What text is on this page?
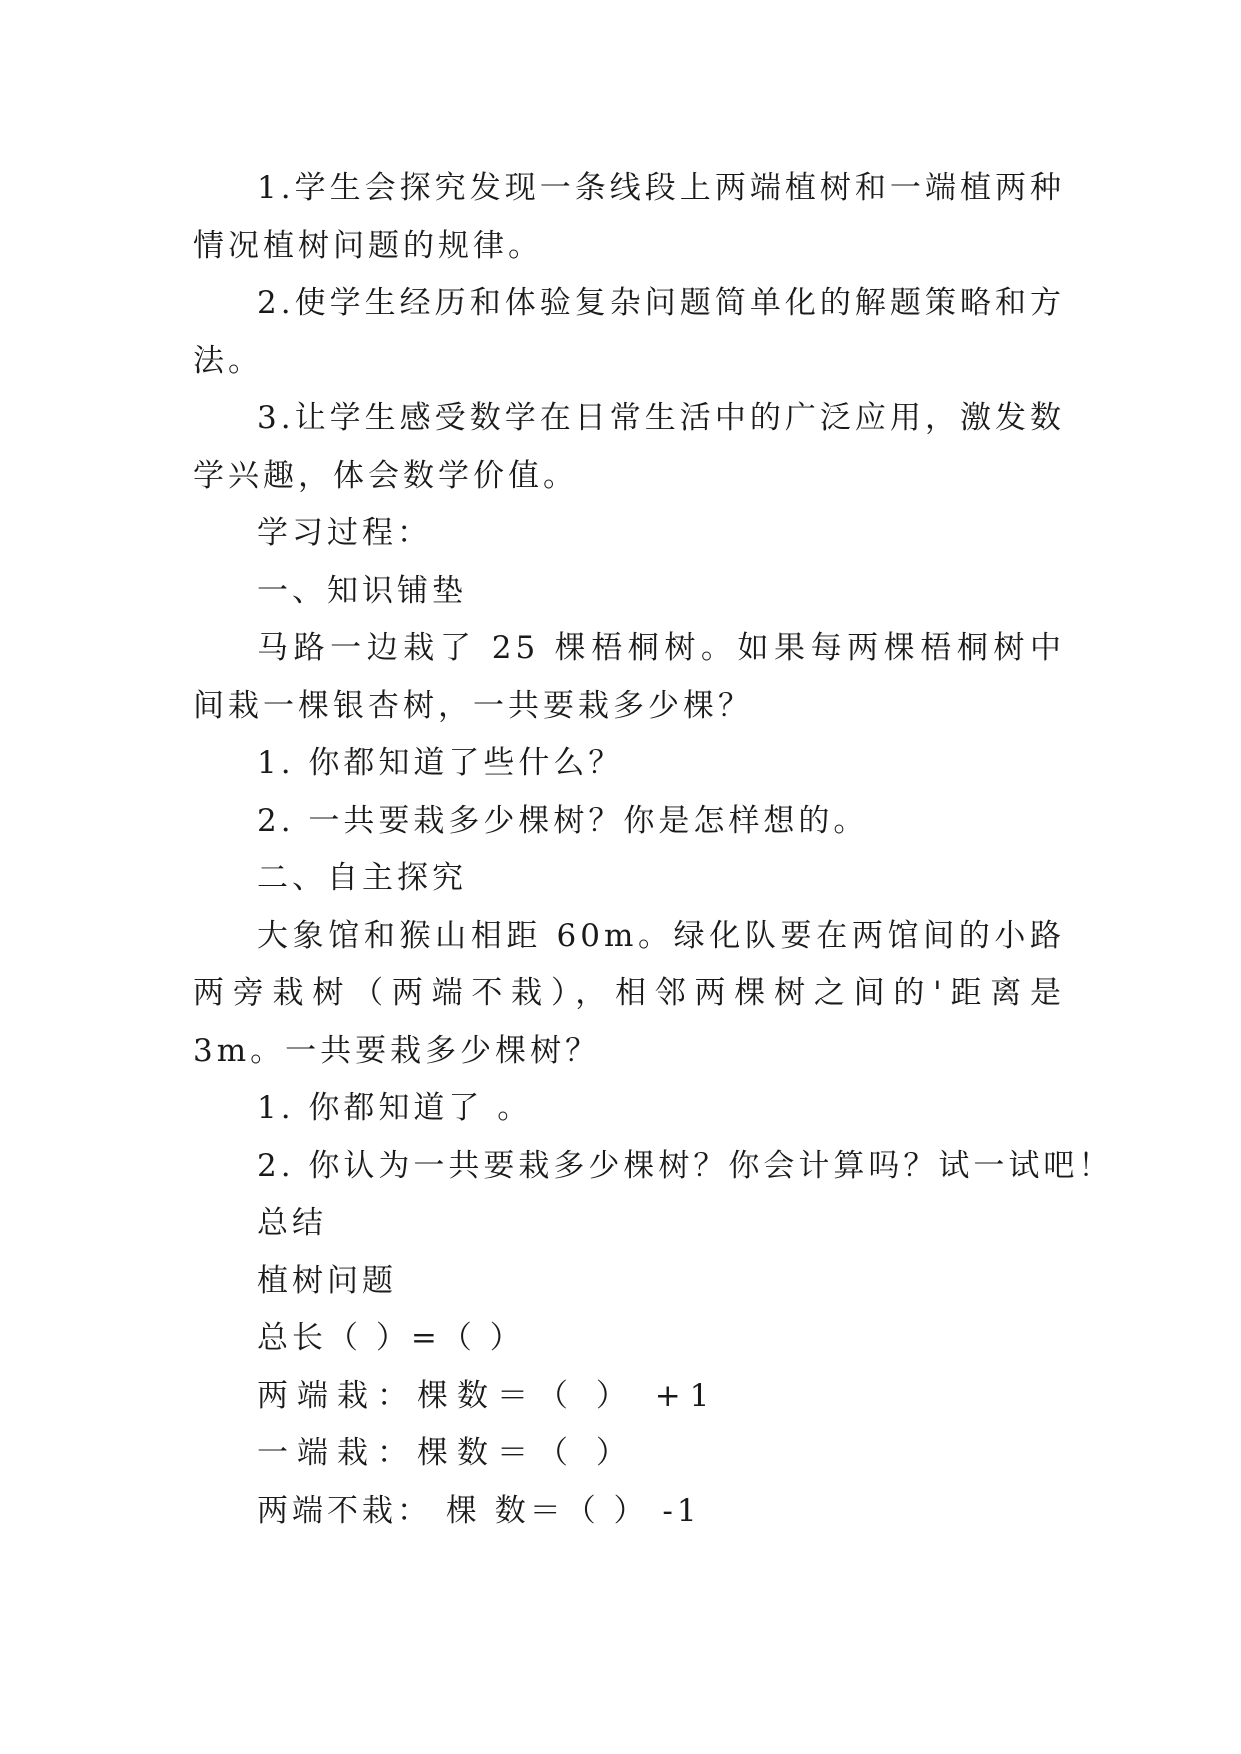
1.学生会探究发现一条线段上两端植树和一端植两种情况植树问题的规律。

2.使学生经历和体验复杂问题简单化的解题策略和方法。

3.让学生感受数学在日常生活中的广泛应用，激发数学兴趣，体会数学价值。

学习过程：

一、知识铺垫

马路一边栽了 25 棵梧桐树。如果每两棵梧桐树中间栽一棵银杏树，一共要栽多少棵？

1. 你都知道了些什么？

2. 一共要栽多少棵树？你是怎样想的。

二、自主探究

大象馆和猴山相距 60m。绿化队要在两馆间的小路两旁栽树（两端不栽），相邻两棵树之间的'距离是 3m。一共要栽多少棵树？

1. 你都知道了 。

2. 你认为一共要栽多少棵树？你会计算吗？试一试吧！

总结

植树问题

总长（ ）=（ ）

两端栽：棵数＝（ ） +1

一端栽：棵数＝（ ）

两端不栽： 棵 数＝（ ） -1
